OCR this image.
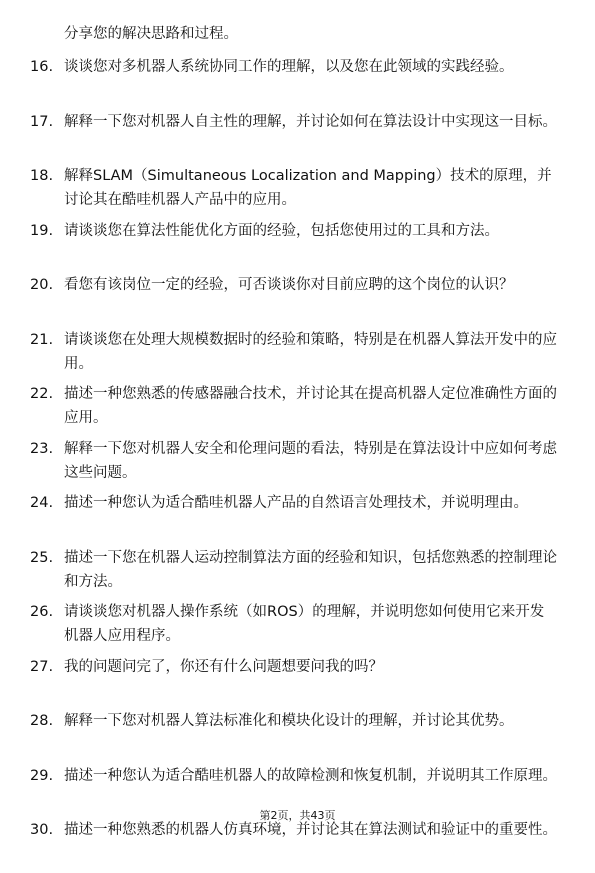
分享您的解决思路和过程。

16. 谈谈您对多机器人系统协同工作的理解，以及您在此领域的实践经验。
17. 解释一下您对机器人自主性的理解，并讨论如何在算法设计中实现这一目标。
18. 解释SLAM（Simultaneous Localization and Mapping）技术的原理，并讨论其在酷哇机器人产品中的应用。
19. 请谈谈您在算法性能优化方面的经验，包括您使用过的工具和方法。
20. 看您有该岗位一定的经验，可否谈谈你对目前应聘的这个岗位的认识？
21. 请谈谈您在处理大规模数据时的经验和策略，特别是在机器人算法开发中的应用。
22. 描述一种您熟悉的传感器融合技术，并讨论其在提高机器人定位准确性方面的应用。
23. 解释一下您对机器人安全和伦理问题的看法，特别是在算法设计中应如何考虑这些问题。
24. 描述一种您认为适合酷哇机器人产品的自然语言处理技术，并说明理由。
25. 描述一下您在机器人运动控制算法方面的经验和知识，包括您熟悉的控制理论和方法。
26. 请谈谈您对机器人操作系统（如ROS）的理解，并说明您如何使用它来开发机器人应用程序。
27. 我的问题问完了，你还有什么问题想要问我的吗？
28. 解释一下您对机器人算法标准化和模块化设计的理解，并讨论其优势。
29. 描述一种您认为适合酷哇机器人的故障检测和恢复机制，并说明其工作原理。
30. 描述一种您熟悉的机器人仿真环境，并讨论其在算法测试和验证中的重要性。
第2页，共43页
